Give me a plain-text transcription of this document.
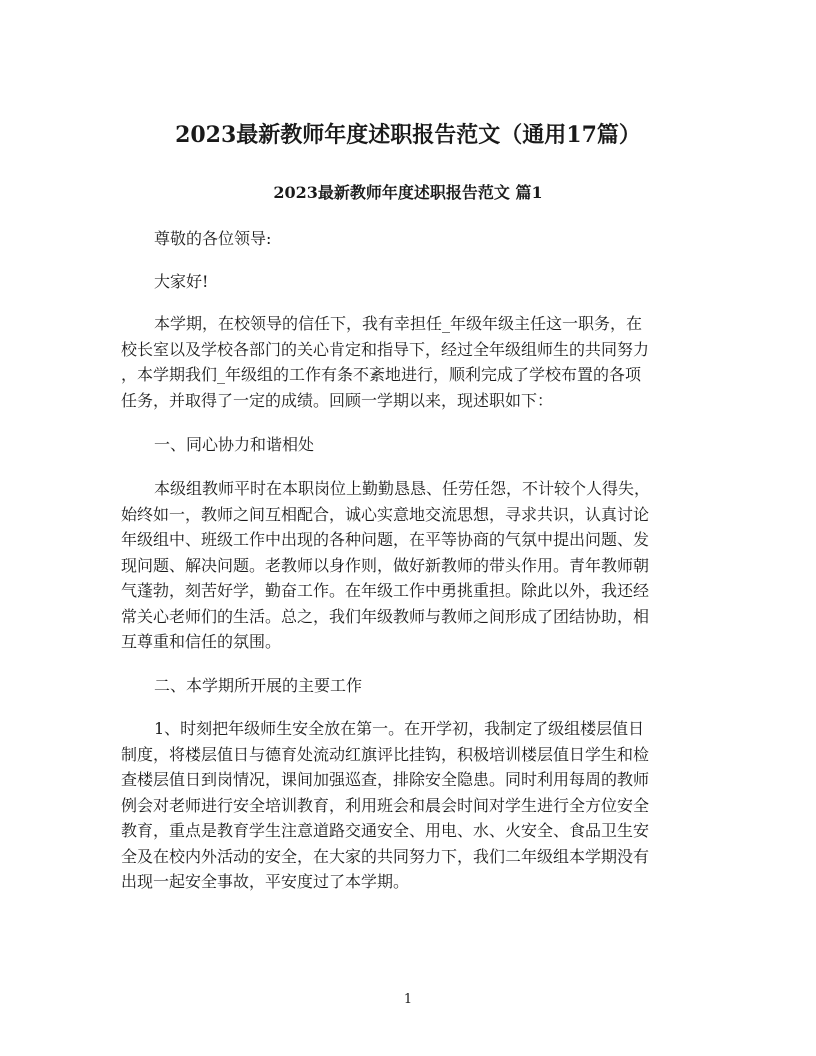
2023最新教师年度述职报告范文（通用17篇）
2023最新教师年度述职报告范文 篇1
尊敬的各位领导:
大家好!
本学期，在校领导的信任下，我有幸担任_年级年级主任这一职务，在
校长室以及学校各部门的关心肯定和指导下，经过全年级组师生的共同努力
，本学期我们_年级组的工作有条不紊地进行，顺利完成了学校布置的各项
任务，并取得了一定的成绩。回顾一学期以来，现述职如下：
一、同心协力和谐相处
本级组教师平时在本职岗位上勤勤恳恳、任劳任怨，不计较个人得失，
始终如一，教师之间互相配合，诚心实意地交流思想，寻求共识，认真讨论
年级组中、班级工作中出现的各种问题，在平等协商的气氛中提出问题、发
现问题、解决问题。老教师以身作则，做好新教师的带头作用。青年教师朝
气蓬勃，刻苦好学，勤奋工作。在年级工作中勇挑重担。除此以外，我还经
常关心老师们的生活。总之，我们年级教师与教师之间形成了团结协助，相
互尊重和信任的氛围。
二、本学期所开展的主要工作
1、时刻把年级师生安全放在第一。在开学初，我制定了级组楼层值日
制度，将楼层值日与德育处流动红旗评比挂钩，积极培训楼层值日学生和检
查楼层值日到岗情况，课间加强巡查，排除安全隐患。同时利用每周的教师
例会对老师进行安全培训教育，利用班会和晨会时间对学生进行全方位安全
教育，重点是教育学生注意道路交通安全、用电、水、火安全、食品卫生安
全及在校内外活动的安全，在大家的共同努力下，我们二年级组本学期没有
出现一起安全事故，平安度过了本学期。
1
